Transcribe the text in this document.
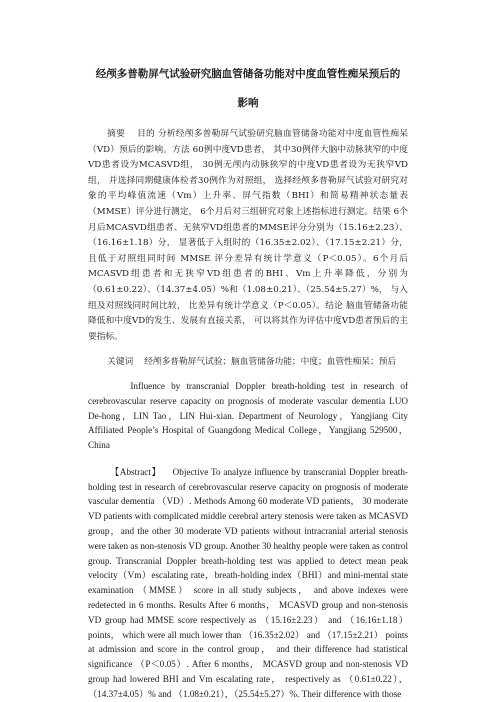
经颅多普勒屏气试验研究脑血管储备功能对中度血管性痴呆预后的
影响

摘要 目的 分析经颅多普勒屏气试验研究脑血管储备功能对中度血管性痴呆（VD）预后的影响。方法 60例中度VD患者， 其中30例伴大脑中动脉狭窄的中度VD患者设为MCASVD组， 30例无颅内动脉狭窄的中度VD患者设为无狭窄VD组， 并选择同期健康体检者30例作为对照组， 选择经颅多普勒屏气试验对研究对象的平均峰值流速（Vm）上升率、屏气指数（BHI）和简易精神状态量表（MMSE）评分进行测定， 6个月后对三组研究对象上述指标进行测定。结果 6个月后MCASVD组患者、无狭窄VD组患者的MMSE评分分别为（15.16±2.23）、（16.16±1.18）分， 显著低于入组时的（16.35±2.02）、（17.15±2.21）分， 且低于对照组同时间 MMSE 评分差异有统计学意义（P＜0.05）。6个月后MCASVD组患者和无狭窄VD组患者的BHI、Vm上升率降低，分别为（0.61±0.22）、（14.37±4.05）%和（1.08±0.21）、（25.54±5.27）%， 与入组及对照线同时间比较， 比差异有统计学意义（P＜0.05）。结论 脑血管储备功能降低和中度VD的发生、发展有直接关系， 可以将其作为评估中度VD患者预后的主要指标。

关键词 经颅多普勒屏气试验；脑血管储备功能；中度；血管性痴呆；预后

Influence by transcranial Doppler breath-holding test in research of cerebrovascular reserve capacity on prognosis of moderate vascular dementia LUO De-hong，LIN Tao，LIN Hui-xian. Department of Neurology，Yangjiang City Affiliated People’s Hospital of Guangdong Medical College，Yangjiang 529500，China

【Abstract】 Objective To analyze influence by transcranial Doppler breath-holding test in research of cerebrovascular reserve capacity on prognosis of moderate vascular dementia （VD）. Methods Among 60 moderate VD patients， 30 moderate VD patients with complicated middle cerebral artery stenosis were taken as MCASVD group，and the other 30 moderate VD patients without intracranial arterial stenosis were taken as non-stenosis VD group. Another 30 healthy people were taken as control group. Transcranial Doppler breath-holding test was applied to detect mean peak velocity（Vm）escalating rate，breath-holding index（BHI）and mini-mental state examination （MMSE） score in all study subjects， and above indexes were redetected in 6 months. Results After 6 months， MCASVD group and non-stenosis VD group had MMSE score respectively as （15.16±2.23） and （16.16±1.18） points， which were all much lower than （16.35±2.02） and （17.15±2.21） points at admission and score in the control group， and their difference had statistical significance （P＜0.05）. After 6 months， MCASVD group and non-stenosis VD group had lowered BHI and Vm escalating rate， respectively as （0.61±0.22），（14.37±4.05）% and （1.08±0.21），（25.54±5.27）%. Their difference with those
